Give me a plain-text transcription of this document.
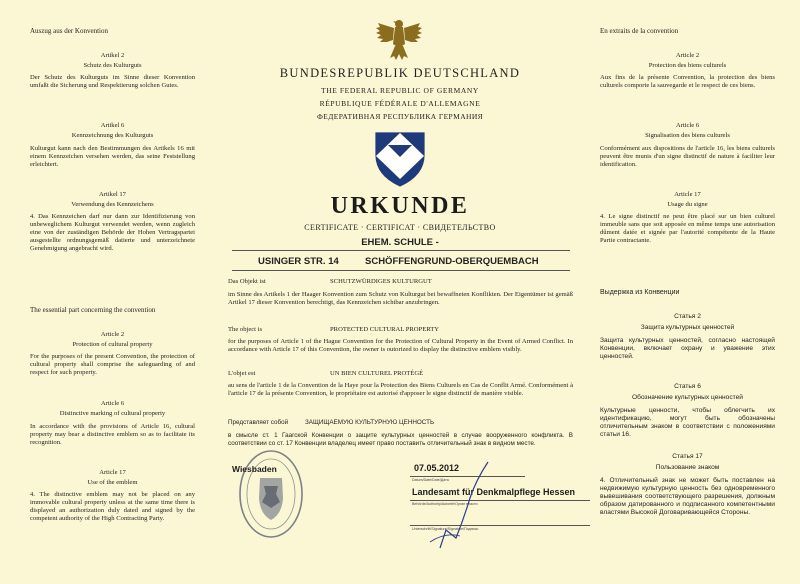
Auszug aus der Konvention
Artikel 2
Schutz des Kulturguts
Der Schutz des Kulturguts im Sinne dieser Konvention umfaßt die Sicherung und Respektierung solchen Gutes.
Artikel 6
Kennzeichnung des Kulturguts
Kulturgut kann nach den Bestimmungen des Artikels 16 mit einem Kennzeichen versehen werden, das seine Feststellung erleichtert.
Artikel 17
Verwendung des Kennzeichens
4. Das Kennzeichen darf nur dann zur Identifizierung von unbeweglichem Kulturgut verwendet werden, wenn zugleich eine von der zuständigen Behörde der Hohen Vertragspartei ausgestellte ordnungsgemäß datierte und unterzeichnete Genehmigung angebracht wird.
The essential part concerning the convention
Article 2
Protection of cultural property
For the purposes of the present Convention, the protection of cultural property shall comprise the safeguarding of and respect for such property.
Article 6
Distinctive marking of cultural property
In accordance with the provisions of Article 16, cultural property may bear a distinctive emblem so as to facilitate its recognition.
Article 17
Use of the emblem
4. The distinctive emblem may not be placed on any immovable cultural property unless at the same time there is displayed an authorization duly dated and signed by the competent authority of the High Contracting Party.
En extraits de la convention
Article 2
Protection des biens culturels
Aux fins de la présente Convention, la protection des biens culturels comporte la sauvegarde et le respect de ces biens.
Article 6
Signalisation des biens culturels
Conformément aux dispositions de l'article 16, les biens culturels peuvent être munis d'un signe distinctif de nature à faciliter leur identification.
Article 17
Usage du signe
4. Le signe distinctif ne peut être placé sur un bien culturel immeuble sans que soit apposée en même temps une autorisation dûment datée et signée par l'autorité compétente de la Haute Partie contractante.
Выдержка из Конвенции
Статья 2
Защита культурных ценностей
Защита культурных ценностей, согласно настоящей Конвенции, включает охрану и уважение этих ценностей.
Статья 6
Обозначение культурных ценностей
Культурные ценности, чтобы облегчить их идентификацию, могут быть обозначены отличительным знаком в соответствии с положениями статьи 16.
Статья 17
Пользование знаком
4. Отличительный знак не может быть поставлен на недвижимую культурную ценность без одновременного вывешивания соответствующего разрешения, должным образом датированного и подписанного компетентными властями Высокой Договаривающейся Стороны.
BUNDESREPUBLIK DEUTSCHLAND
THE FEDERAL REPUBLIC OF GERMANY
RÉPUBLIQUE FÉDÉRALE D'ALLEMAGNE
ФЕДЕРАТИВНАЯ РЕСПУБЛИКА ГЕРМАНИЯ
URKUNDE
CERTIFICATE · CERTIFICAT · СВИДЕТЕЛЬСТВО
EHEM. SCHULE -
USINGER STR. 14	SCHÖFFENGRUND-OBERQUEMBACH
Das Objekt ist	SCHUTZWÜRDIGES KULTURGUT
im Sinne des Artikels 1 der Haager Konvention zum Schutz von Kulturgut bei bewaffneten Konflikten. Der Eigentümer ist gemäß Artikel 17 dieser Konvention berechtigt, das Kennzeichen sichtbar anzubringen.
The object is	PROTECTED CULTURAL PROPERTY
for the purposes of Article 1 of the Hague Convention for the Protection of Cultural Property in the Event of Armed Conflict. In accordance with Article 17 of this Convention, the owner is outorized to display the distinctive emblem visibly.
L'objet est	UN BIEN CULTUREL PROTÉGÉ
au sens de l'article 1 de la Convention de la Haye pour la Protection des Biens Culturels en Cas de Conflit Armé. Conformément à l'article 17 de la présente Convention, le propriétaire est autorisé d'apposer le signe distinctif de manière visible.
Представляет собой	ЗАЩИЩАЕМУЮ КУЛЬТУРНУЮ ЦЕННОСТЬ
в смысле ст. 1 Гаагской Конвенции о защите культурных ценностей в случае вооруженного конфликта. В соответствии со ст. 17 Конвенции владелец имеет право поставить отличительный знак в видном месте.
Wiesbaden	07.05.2012
Datum/Date/Date/Дата
Landesamt für Denkmalpflege Hessen
Behörde/Authority/Autorité/Орган власти
Unterschrift/Signature/Signature/Подпись
